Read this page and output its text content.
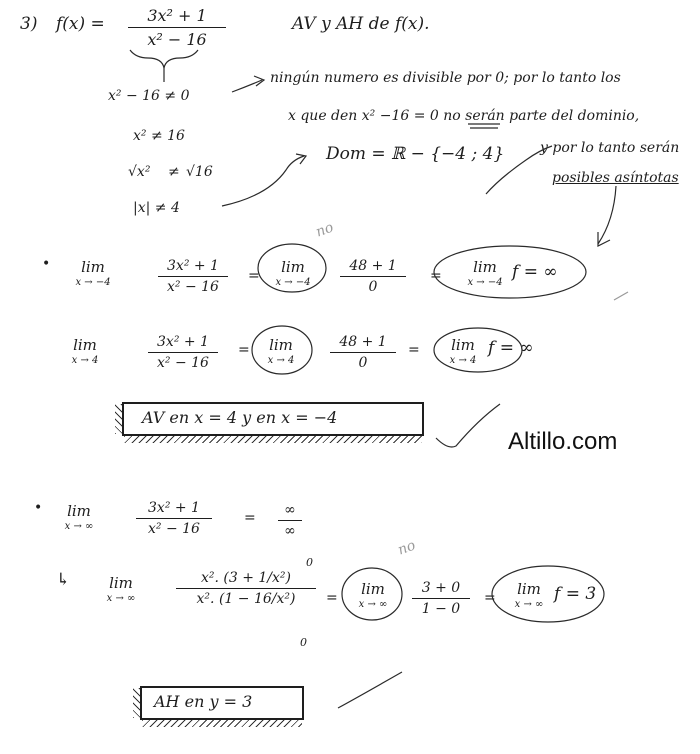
3) f(x) =	3x² + 1
x² − 16
AV y AH de f(x).
x² − 16 ≠ 0
x² ≠ 16
√x² ≠ √16
|x| ≠ 4
ningún numero es divisible por 0; por lo tanto los
x que den x² −16 = 0 no serán parte del dominio,
y por lo tanto serán
posibles asíntotas
Dom = ℝ − {−4 ; 4}
•	lim
x → −4
3x² + 1
x² − 16
=	lim
x → −4
48 + 1
0
=	lim
x → −4
f = ∞
no
lim
x → 4
3x² + 1
x² − 16
=	lim
x → 4
48 + 1
0
=	lim
x → 4
f = ∞
AV en x = 4 y en x = −4
Altillo.com
•	lim
x → ∞
3x² + 1
x² − 16
=	∞
∞
↳	lim
x → ∞
x². (3 + 1/x²)
x². (1 − 16/x²)
0
0
=	lim
x → ∞
3 + 0
1 − 0
=	lim
x → ∞
f = 3
no
AH en y = 3
